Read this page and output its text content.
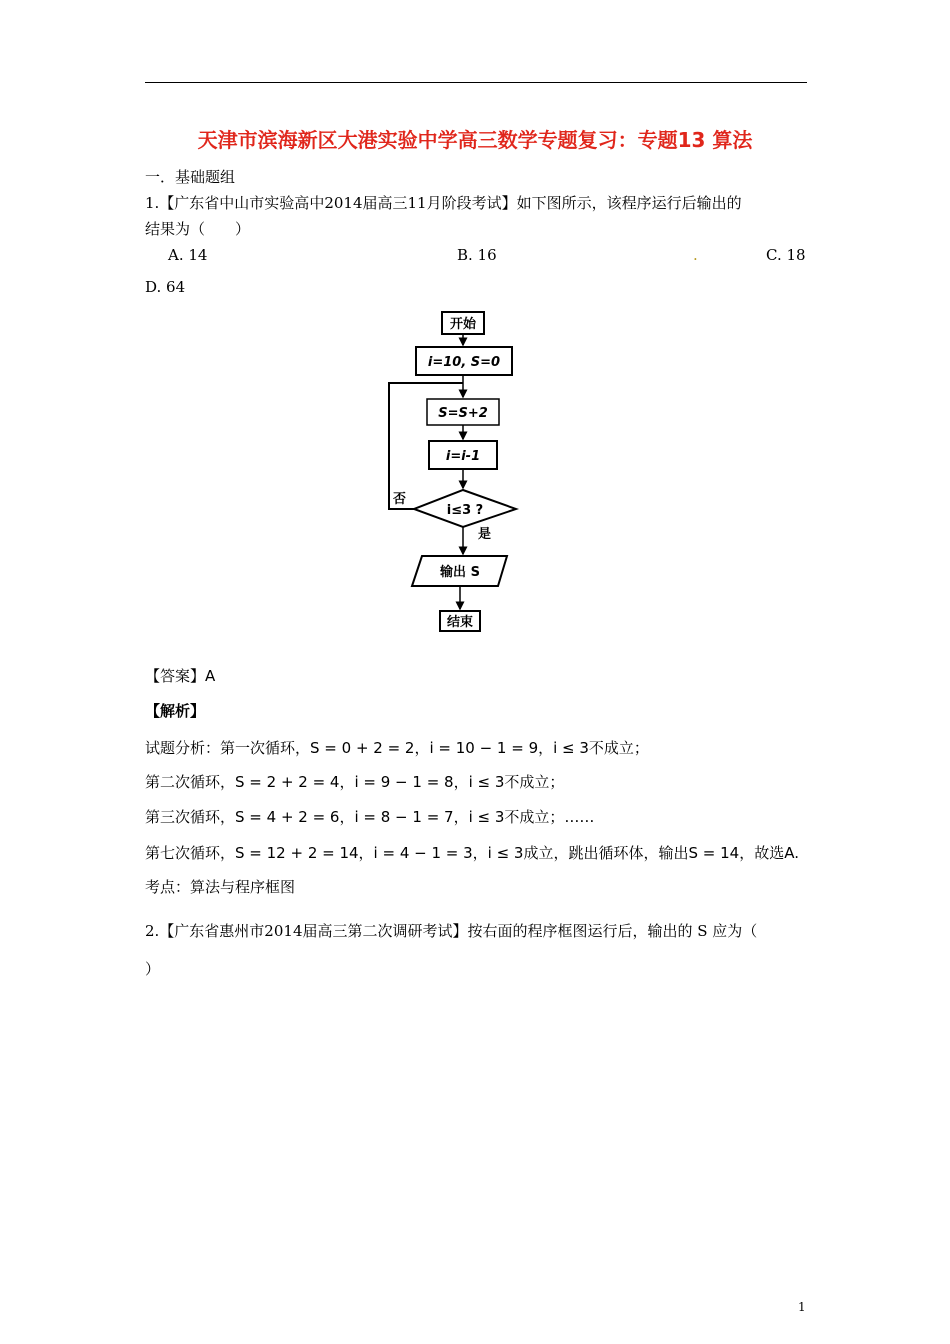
天津市滨海新区大港实验中学高三数学专题复习：专题13 算法
一．基础题组
1.【广东省中山市实验高中2014届高三11月阶段考试】如下图所示，该程序运行后输出的
结果为（　　）
A. 14	B. 16	.	C. 18
D. 64
开始
i=10, S=0
S=S+2
i=i-1
i≤3 ?
否
是
输出 S
结束
【答案】A
【解析】
试题分析：第一次循环，S = 0 + 2 = 2，i = 10 − 1 = 9，i ≤ 3不成立；
第二次循环，S = 2 + 2 = 4，i = 9 − 1 = 8，i ≤ 3不成立；
第三次循环，S = 4 + 2 = 6，i = 8 − 1 = 7，i ≤ 3不成立；……
第七次循环，S = 12 + 2 = 14，i = 4 − 1 = 3，i ≤ 3成立，跳出循环体，输出S = 14，故选A.
考点：算法与程序框图
2.【广东省惠州市2014届高三第二次调研考试】按右面的程序框图运行后，输出的 S 应为（
）
1
